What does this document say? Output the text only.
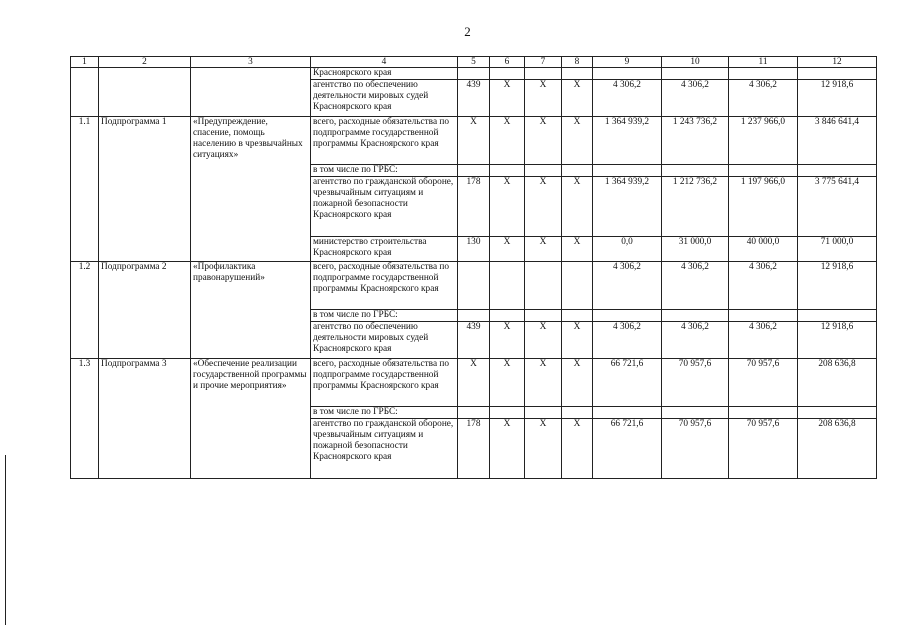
2
1	2	3	4	5	6	7	8	9	10	11	12
			Красноярского края								
			агентство по обеспечению деятельности мировых судей Красноярского края	439	X	X	X	4 306,2	4 306,2	4 306,2	12 918,6
1.1	Подпрограмма 1	«Предупреждение, спасение, помощь населению в чрезвычайных ситуациях»	всего, расходные обязательства по подпрограмме государственной программы Красноярского края	X	X	X	X	1 364 939,2	1 243 736,2	1 237 966,0	3 846 641,4
			в том числе по ГРБС:								
			агентство по гражданской обороне, чрезвычайным ситуациям и пожарной безопасности Красноярского края	178	X	X	X	1 364 939,2	1 212 736,2	1 197 966,0	3 775 641,4
			министерство строительства Красноярского края	130	X	X	X	0,0	31 000,0	40 000,0	71 000,0
1.2	Подпрограмма 2	«Профилактика правонарушений»	всего, расходные обязательства по подпрограмме государственной программы Красноярского края					4 306,2	4 306,2	4 306,2	12 918,6
			в том числе по ГРБС:								
			агентство по обеспечению деятельности мировых судей Красноярского края	439	X	X	X	4 306,2	4 306,2	4 306,2	12 918,6
1.3	Подпрограмма 3	«Обеспечение реализации государственной программы и прочие мероприятия»	всего, расходные обязательства по подпрограмме государственной программы Красноярского края	X	X	X	X	66 721,6	70 957,6	70 957,6	208 636,8
			в том числе по ГРБС:								
			агентство по гражданской обороне, чрезвычайным ситуациям и пожарной безопасности Красноярского края	178	X	X	X	66 721,6	70 957,6	70 957,6	208 636,8
